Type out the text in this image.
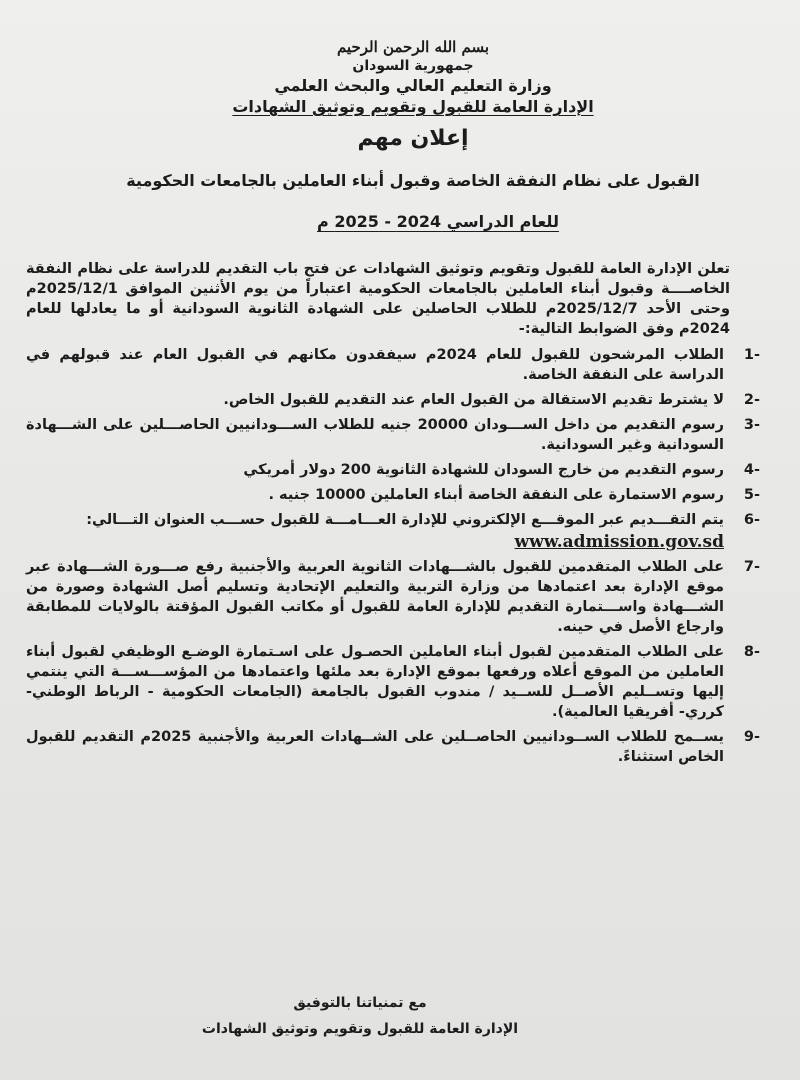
بسم الله الرحمن الرحيم

جمهورية السودان

وزارة التعليم العالي والبحث العلمي

الإدارة العامة للقبول وتقويم وتوثيق الشهادات

إعلان مهم
القبول على نظام النفقة الخاصة وقبول أبناء العاملين بالجامعات الحكومية
للعام الدراسي 2024 - 2025 م
تعلن الإدارة العامة للقبول وتقويم وتوثيق الشهادات عن فتح باب التقديم للدراسة على نظام النفقة الخاصــــة وقبول أبناء العاملين بالجامعات الحكومية اعتباراً من يوم الأثنين الموافق 2025/12/1م وحتى الأحد 2025/12/7م للطلاب الحاصلين على الشهادة الثانوية السودانية أو ما يعادلها للعام 2024م وفق الضوابط التالية:-
-1
الطلاب المرشحون للقبول للعام 2024م سيفقدون مكانهم في القبول العام عند قبولهم في الدراسة على النفقة الخاصة.
-2
لا يشترط تقديم الاستقالة من القبول العام عند التقديم للقبول الخاص.
-3
رسوم التقديم من داخل الســـودان 20000 جنيه للطلاب الســـودانيين الحاصـــلين على الشـــهادة السودانية وغير السودانية.
-4
رسوم التقديم من خارج السودان للشهادة الثانوية 200 دولار أمريكي
-5
رسوم الاستمارة على النفقة الخاصة أبناء العاملين 10000 جنيه .
-6
يتم التقـــديم عبر الموقـــع الإلكتروني للإدارة العـــامـــة للقبول حســـب العنوان التـــالي:
www.admission.gov.sd
-7
على الطلاب المتقدمين للقبول بالشـــهادات الثانوية العربية والأجنبية رفع صـــورة الشـــهادة عبر موقع الإدارة بعد اعتمادها من وزارة التربية والتعليم الإتحادية وتسليم أصل الشهادة وصورة من الشـــهادة واســـتمارة التقديم للإدارة العامة للقبول أو مكاتب القبول المؤقتة بالولايات للمطابقة وارجاع الأصل في حينه.
-8
على الطلاب المتقدمين لقبول أبناء العاملين الحصـول على اسـتمارة الوضـع الوظيفي لقبول أبناء العاملين من الموقع أعلاه ورفعها بموقع الإدارة بعد ملئها واعتمادها من المؤســـســـة التي ينتمي إليها وتســليم الأصــل للســيد / مندوب القبول بالجامعة (الجامعات الحكومية - الرباط الوطني- كرري- أفريقيا العالمية).
-9
يســمح للطلاب الســودانيين الحاصــلين على الشــهادات العربية والأجنبية 2025م التقديم للقبول الخاص استثناءً.
مع تمنياتنا بالتوفيق
الإدارة العامة للقبول وتقويم وتوثيق الشهادات
